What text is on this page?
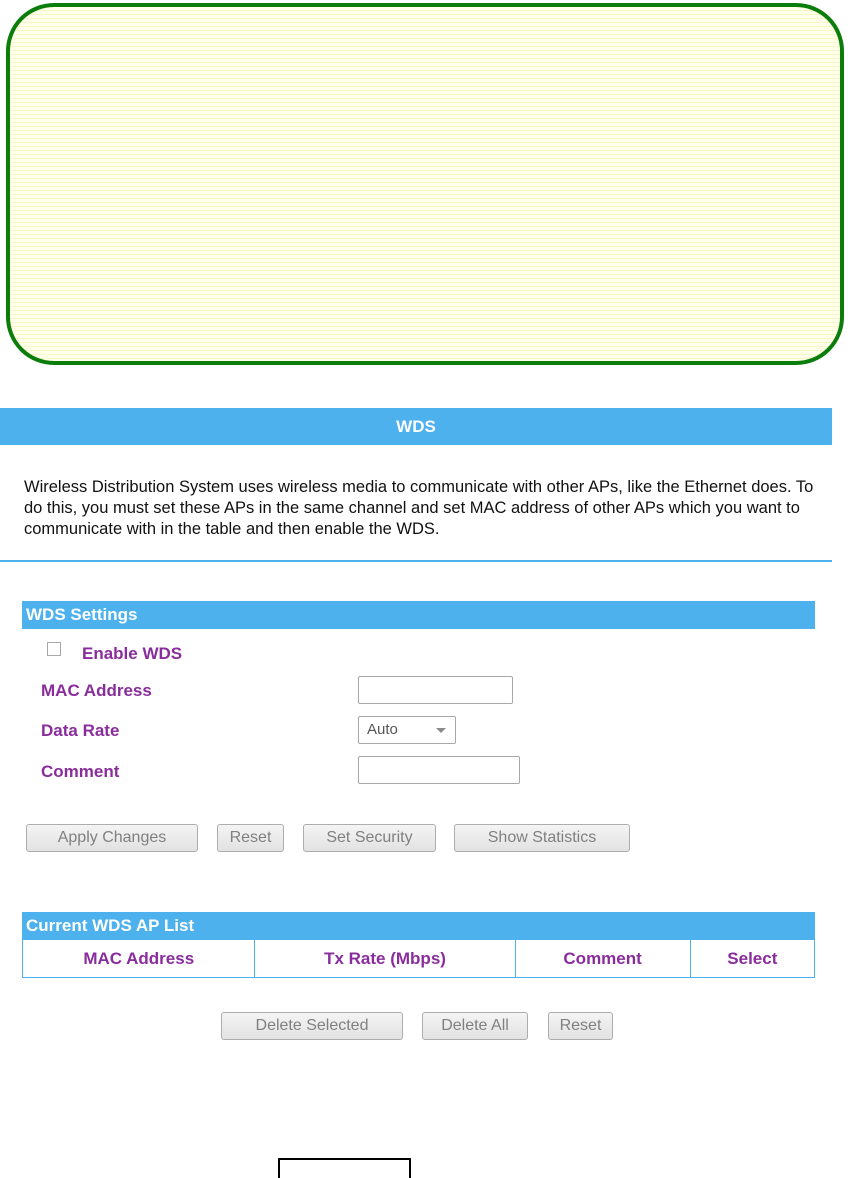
WDS
Wireless Distribution System uses wireless media to communicate with other APs, like the Ethernet does. To do this, you must set these APs in the same channel and set MAC address of other APs which you want to communicate with in the table and then enable the WDS.
WDS Settings
Enable WDS
MAC Address
Data Rate	Auto
Comment
Apply Changes	Reset	Set Security	Show Statistics
Current WDS AP List
MAC Address	Tx Rate (Mbps)	Comment	Select
Delete Selected	Delete All	Reset
